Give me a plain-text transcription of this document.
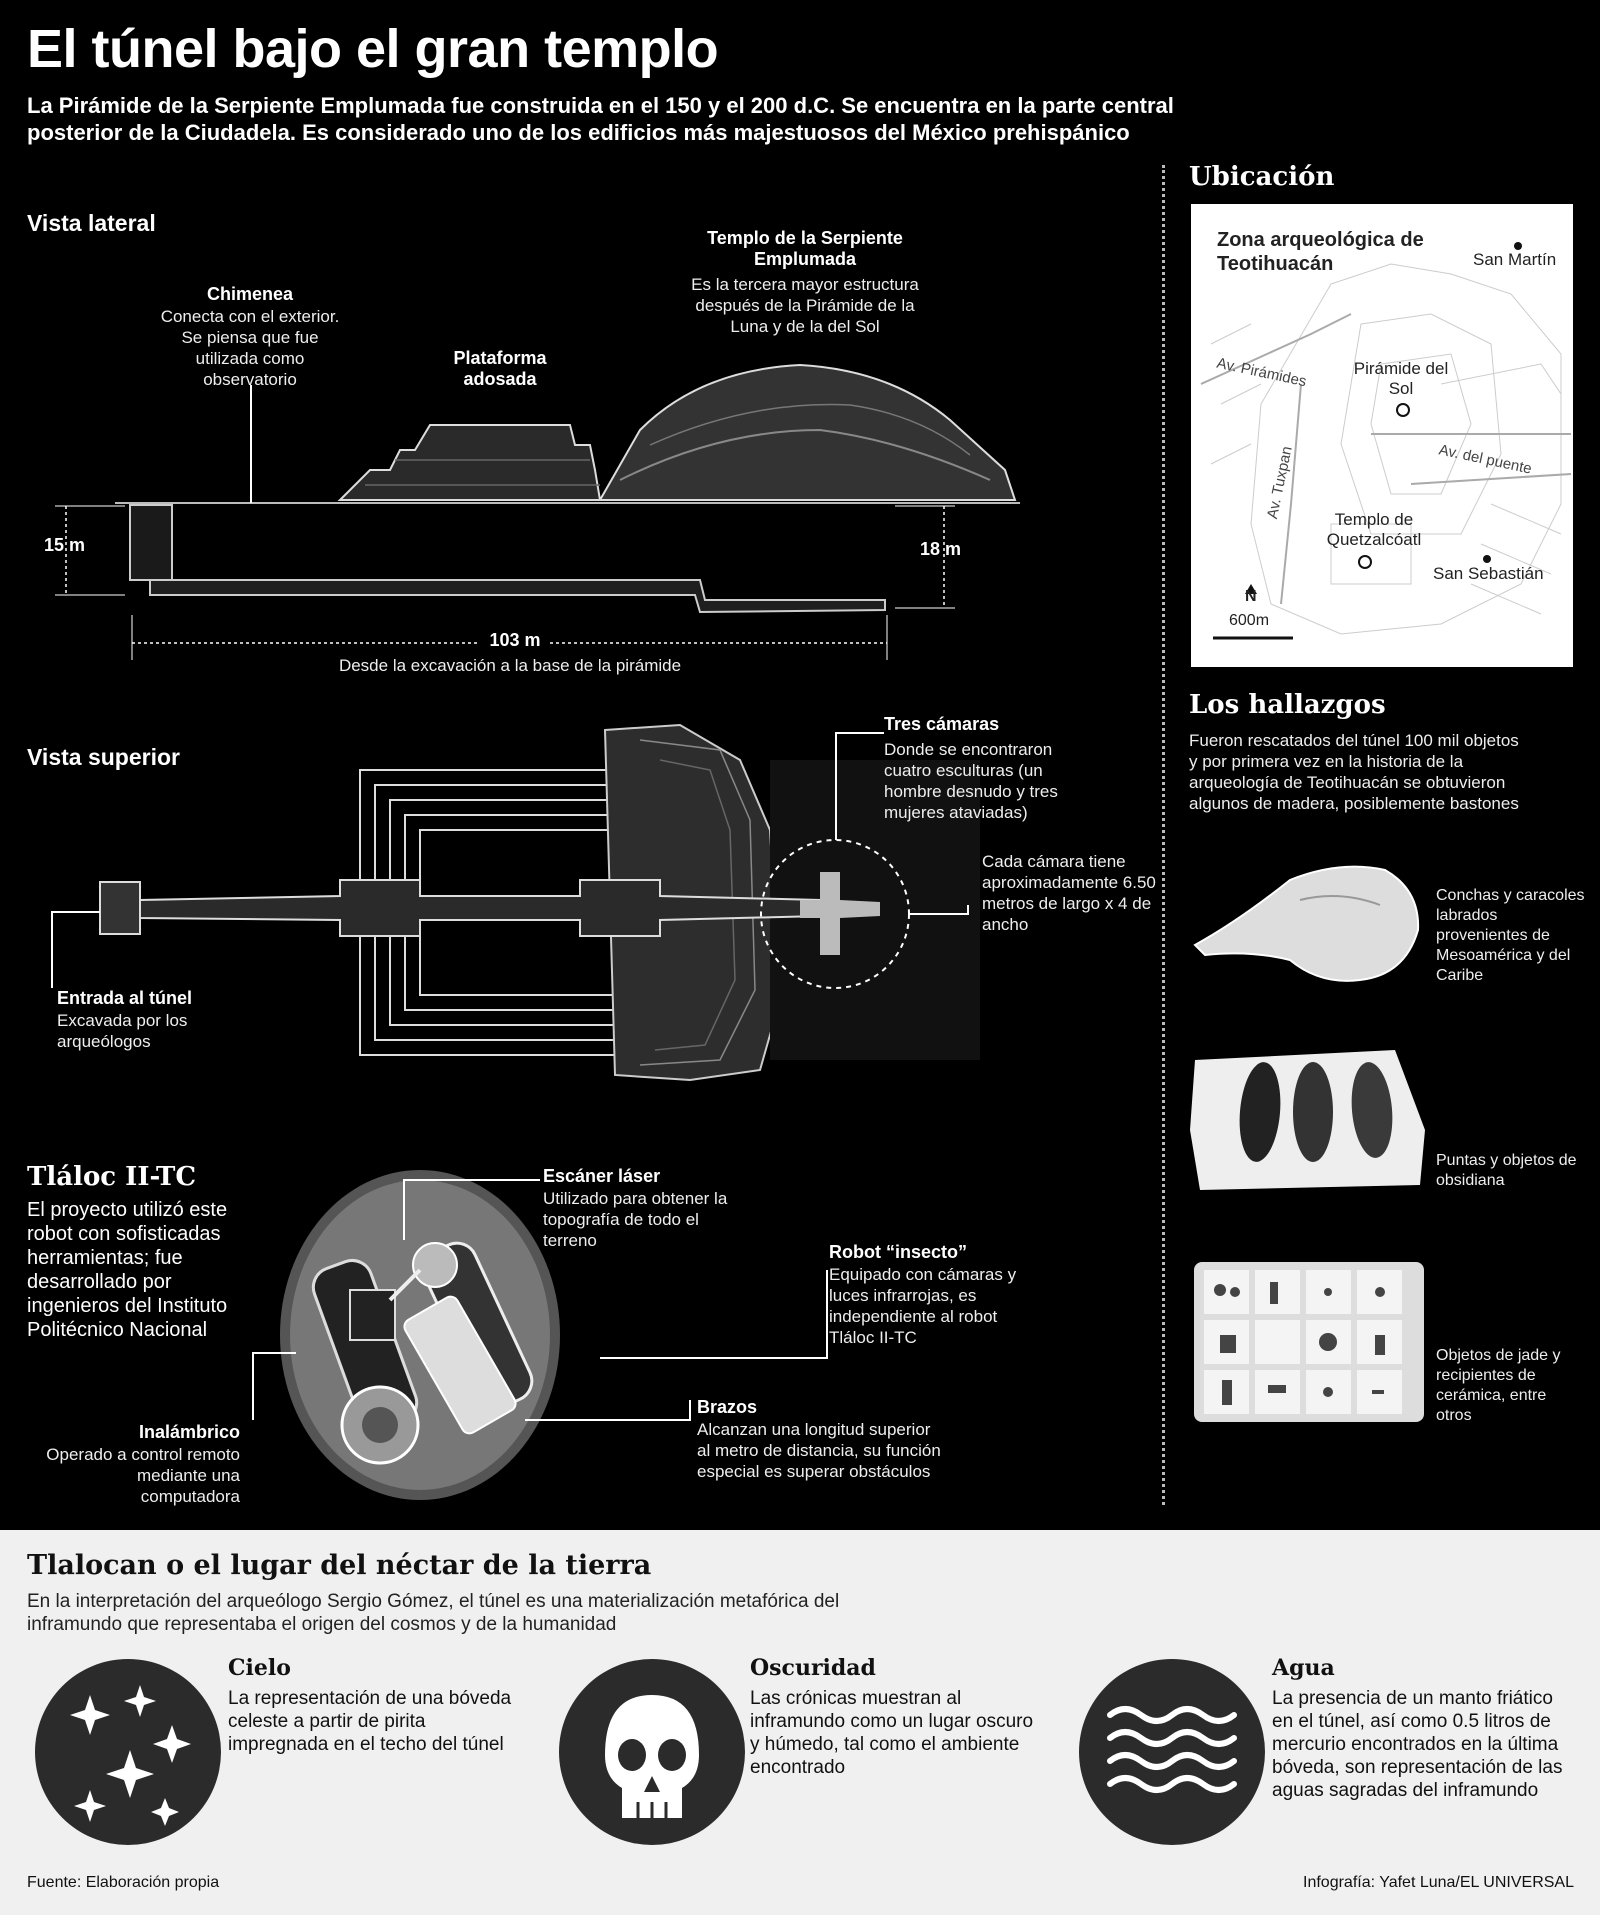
El túnel bajo el gran templo
La Pirámide de la Serpiente Emplumada fue construida en el 150 y el 200 d.C. Se encuentra en la parte central posterior de la Ciudadela. Es considerado uno de los edificios más majestuosos del México prehispánico
Vista lateral
Chimenea
Conecta con el exterior. Se piensa que fue utilizada como observatorio
Plataforma adosada
Templo de la Serpiente Emplumada
Es la tercera mayor estructura después de la Pirámide de la Luna y de la del Sol
15 m	18 m
103 m
Desde la excavación a la base de la pirámide
Vista superior
Tres cámaras
Donde se encontraron cuatro esculturas (un hombre desnudo y tres mujeres ataviadas)
Cada cámara tiene aproximadamente 6.50 metros de largo x 4 de ancho
Entrada al túnel
Excavada por los arqueólogos
Tláloc II-TC
El proyecto utilizó este robot con sofisticadas herramientas; fue desarrollado por ingenieros del Instituto Politécnico Nacional
Escáner láser
Utilizado para obtener la topografía de todo el terreno
Robot “insecto”
Equipado con cámaras y luces infrarrojas, es independiente al robot Tláloc II-TC
Brazos
Alcanzan una longitud superior al metro de distancia, su función especial es superar obstáculos
Inalámbrico
Operado a control remoto mediante una computadora
Ubicación
Zona arqueológica de Teotihuacán	San Martín
Av. Pirámides	Pirámide del Sol
Av. del puente
Av. Tuxpan	Templo de Quetzalcóatl
San Sebastián
N
600m
Los hallazgos
Fueron rescatados del túnel 100 mil objetos y por primera vez en la historia de la arqueología de Teotihuacán se obtuvieron algunos de madera, posiblemente bastones
Conchas y caracoles labrados provenientes de Mesoamérica y del Caribe
Puntas y objetos de obsidiana
Objetos de jade y recipientes de cerámica, entre otros
Tlalocan o el lugar del néctar de la tierra
En la interpretación del arqueólogo Sergio Gómez, el túnel es una materialización metafórica del inframundo que representaba el origen del cosmos y de la humanidad
Cielo
La representación de una bóveda celeste a partir de pirita impregnada en el techo del túnel
Oscuridad
Las crónicas muestran al inframundo como un lugar oscuro y húmedo, tal como el ambiente encontrado
Agua
La presencia de un manto friático en el túnel, así como 0.5 litros de mercurio encontrados en la última bóveda, son representación de las aguas sagradas del inframundo
Fuente: Elaboración propia	Infografía: Yafet Luna/EL UNIVERSAL
